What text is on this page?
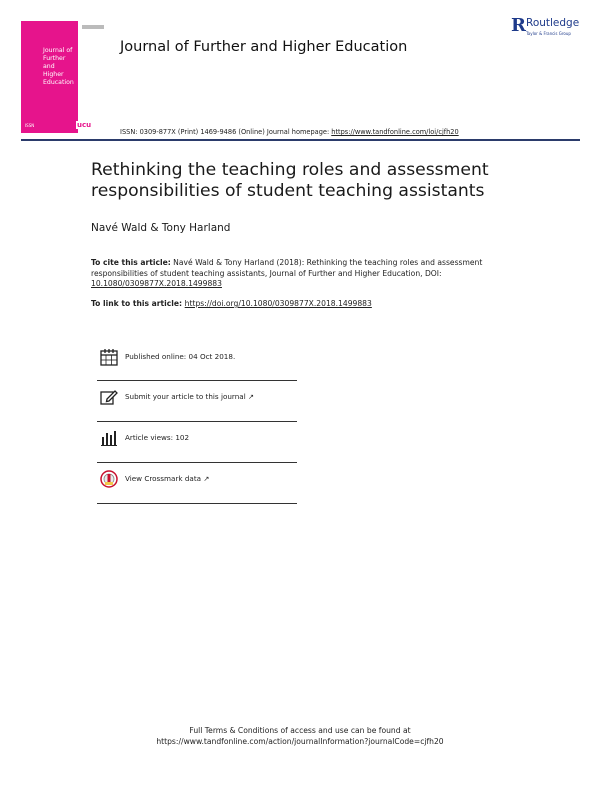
Journal of
Further
and
Higher
Education
ISSN	ucu
Journal of Further and Higher Education
R Routledge
Taylor & Francis Group
ISSN: 0309-877X (Print) 1469-9486 (Online) Journal homepage: https://www.tandfonline.com/loi/cjfh20
Rethinking the teaching roles and assessment responsibilities of student teaching assistants
Navé Wald & Tony Harland
To cite this article: Navé Wald & Tony Harland (2018): Rethinking the teaching roles and assessment responsibilities of student teaching assistants, Journal of Further and Higher Education, DOI: 10.1080/0309877X.2018.1499883
To link to this article: https://doi.org/10.1080/0309877X.2018.1499883
Published online: 04 Oct 2018.
Submit your article to this journal ↗
Article views: 102
View Crossmark data ↗
Full Terms & Conditions of access and use can be found at
https://www.tandfonline.com/action/journalInformation?journalCode=cjfh20
